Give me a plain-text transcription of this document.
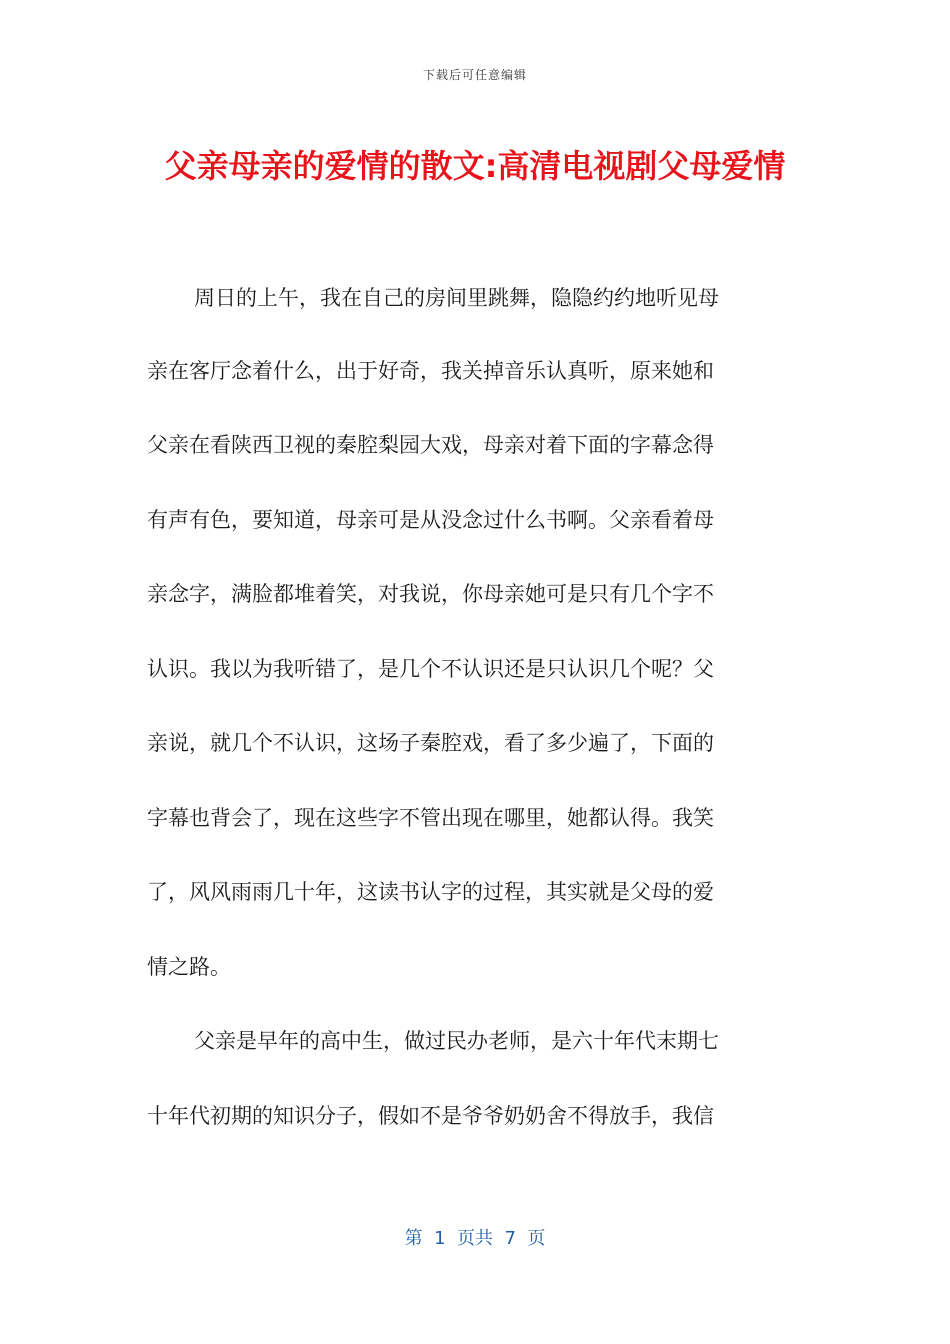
下载后可任意编辑
父亲母亲的爱情的散文:高清电视剧父母爱情
周日的上午，我在自己的房间里跳舞，隐隐约约地听见母
亲在客厅念着什么，出于好奇，我关掉音乐认真听，原来她和
父亲在看陕西卫视的秦腔梨园大戏，母亲对着下面的字幕念得
有声有色，要知道，母亲可是从没念过什么书啊。父亲看着母
亲念字，满脸都堆着笑，对我说，你母亲她可是只有几个字不
认识。我以为我听错了，是几个不认识还是只认识几个呢？父
亲说，就几个不认识，这场子秦腔戏，看了多少遍了，下面的
字幕也背会了，现在这些字不管出现在哪里，她都认得。我笑
了，风风雨雨几十年，这读书认字的过程，其实就是父母的爱
情之路。
父亲是早年的高中生，做过民办老师，是六十年代末期七
十年代初期的知识分子，假如不是爷爷奶奶舍不得放手，我信
第  1  页共  7  页
